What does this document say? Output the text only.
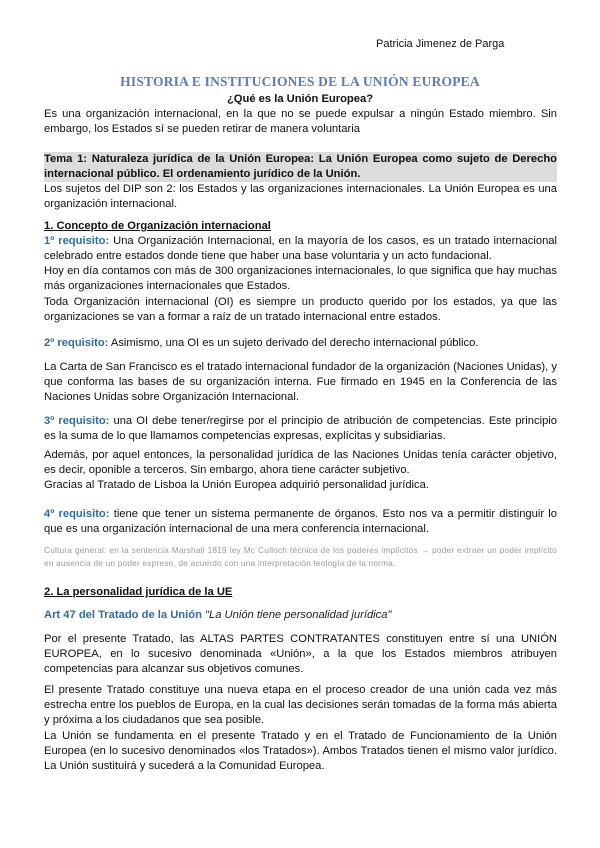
Patricia Jimenez de Parga
HISTORIA E INSTITUCIONES DE LA UNIÓN EUROPEA
¿Qué es la Unión Europea?

Es una organización internacional, en la que no se puede expulsar a ningún Estado miembro. Sin embargo, los Estados sí se pueden retirar de manera voluntaria

Tema 1: Naturaleza jurídica de la Unión Europea: La Unión Europea como sujeto de Derecho internacional público. El ordenamiento jurídico de la Unión.

Los sujetos del DIP son 2: los Estados y las organizaciones internacionales. La Unión Europea es una organización internacional.

1. Concepto de Organización internacional

1º requisito: Una Organización Internacional, en la mayoría de los casos, es un tratado internacional celebrado entre estados donde tiene que haber una base voluntaria y un acto fundacional.

Hoy en día contamos con más de 300 organizaciones internacionales, lo que significa que hay muchas más organizaciones internacionales que Estados.

Toda Organización internacional (OI) es siempre un producto querido por los estados, ya que las organizaciones se van a formar a raíz de un tratado internacional entre estados.

2º requisito: Asimismo, una OI es un sujeto derivado del derecho internacional público.

La Carta de San Francisco es el tratado internacional fundador de la organización (Naciones Unidas), y que conforma las bases de su organización interna. Fue firmado en 1945 en la Conferencia de las Naciones Unidas sobre Organización Internacional.

3º requisito: una OI debe tener/regirse por el principio de atribución de competencias. Este principio es la suma de lo que llamamos competencias expresas, explícitas y subsidiarias.

Además, por aquel entonces, la personalidad jurídica de las Naciones Unidas tenía carácter objetivo, es decir, oponible a terceros. Sin embargo, ahora tiene carácter subjetivo.

Gracias al Tratado de Lisboa la Unión Europea adquirió personalidad jurídica.

4º requisito: tiene que tener un sistema permanente de órganos. Esto nos va a permitir distinguir lo que es una organización internacional de una mera conferencia internacional.

Cultura general: en la sentencia Marshall 1819 ley Mc Culloch técnica de los poderes implícitos → poder extraer un poder implícito en ausencia de un poder expreso, de acuerdo con una interpretación teología de la norma.

2. La personalidad jurídica de la UE

Art 47 del Tratado de la Unión "La Unión tiene personalidad jurídica"

Por el presente Tratado, las ALTAS PARTES CONTRATANTES constituyen entre sí una UNIÓN EUROPEA, en lo sucesivo denominada «Unión», a la que los Estados miembros atribuyen competencias para alcanzar sus objetivos comunes.

El presente Tratado constituye una nueva etapa en el proceso creador de una unión cada vez más estrecha entre los pueblos de Europa, en la cual las decisiones serán tomadas de la forma más abierta y próxima a los ciudadanos que sea posible.

La Unión se fundamenta en el presente Tratado y en el Tratado de Funcionamiento de la Unión Europea (en lo sucesivo denominados «los Tratados»). Ambos Tratados tienen el mismo valor jurídico. La Unión sustituirá y sucederá a la Comunidad Europea.
